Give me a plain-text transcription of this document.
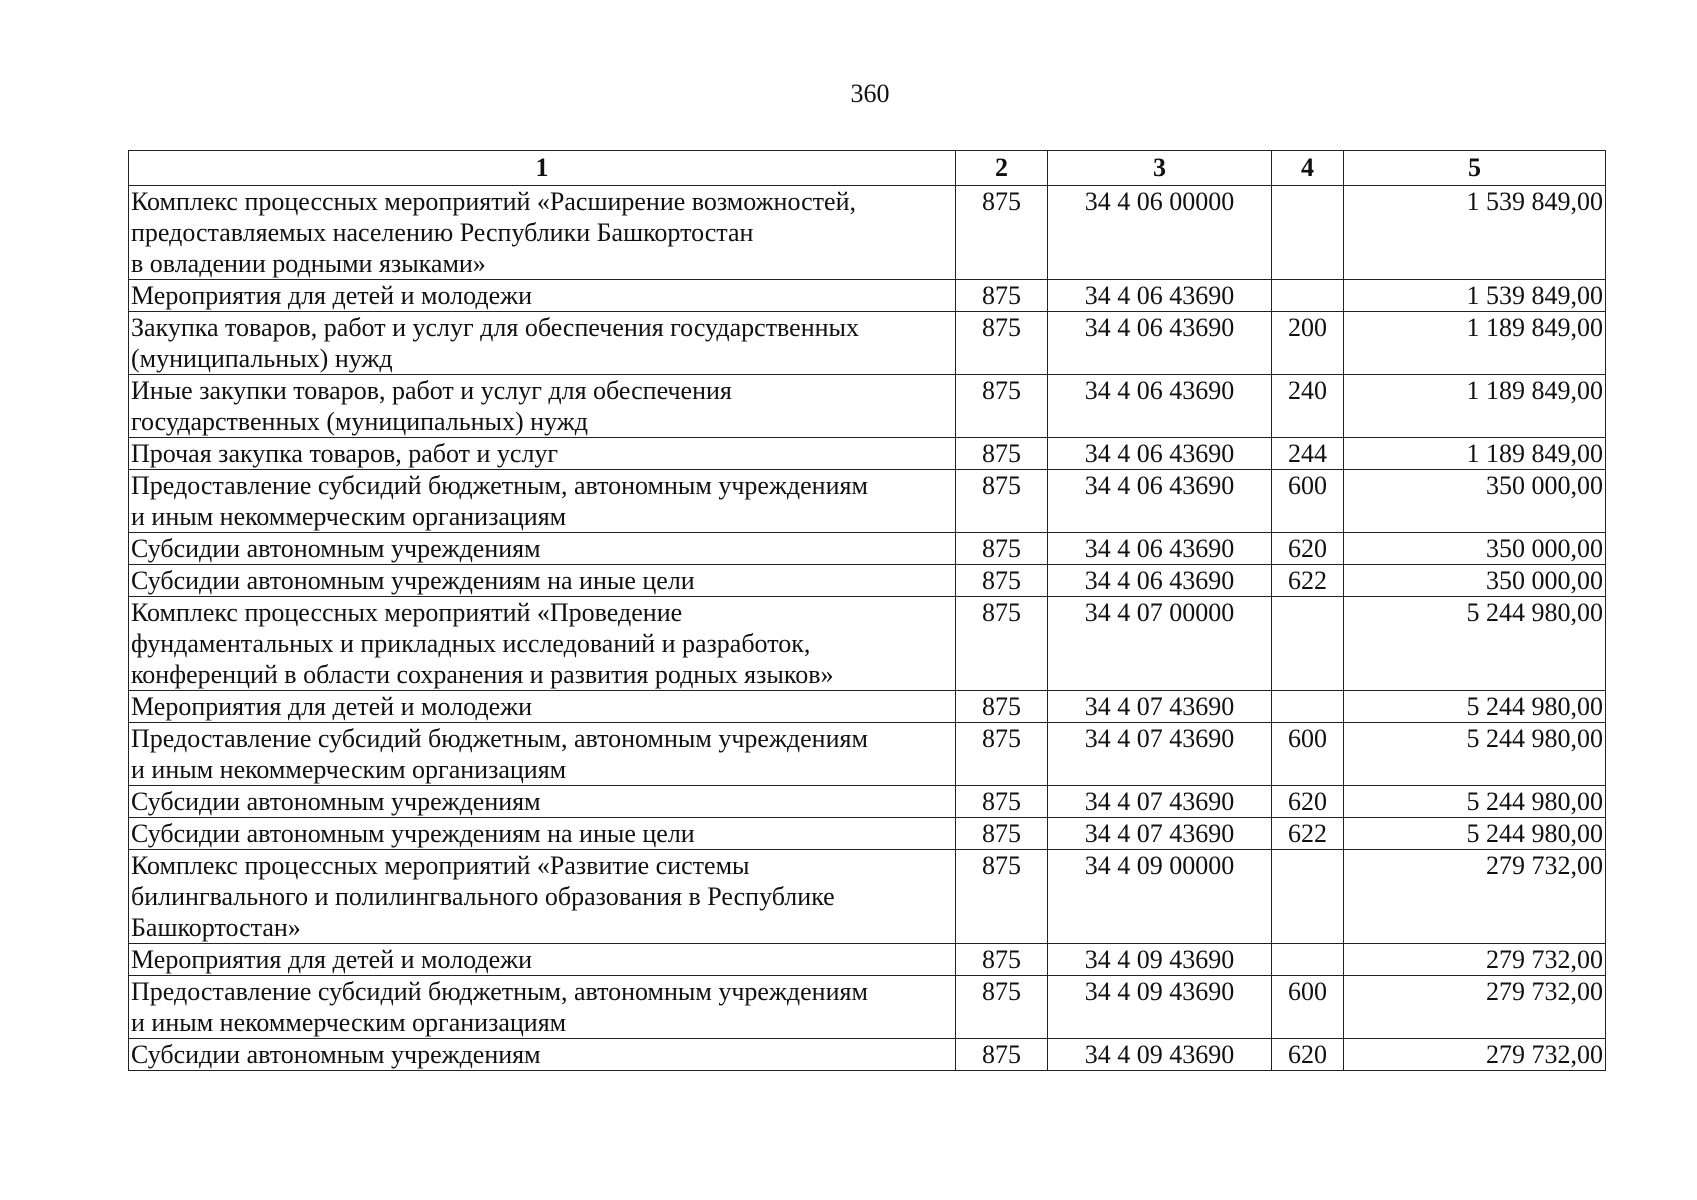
360
1	2	3	4	5
Комплекс процессных мероприятий «Расширение возможностей,
предоставляемых населению Республики Башкортостан
в овладении родными языками»	875	34 4 06 00000		1 539 849,00
Мероприятия для детей и молодежи	875	34 4 06 43690		1 539 849,00
Закупка товаров, работ и услуг для обеспечения государственных
(муниципальных) нужд	875	34 4 06 43690	200	1 189 849,00
Иные закупки товаров, работ и услуг для обеспечения
государственных (муниципальных) нужд	875	34 4 06 43690	240	1 189 849,00
Прочая закупка товаров, работ и услуг	875	34 4 06 43690	244	1 189 849,00
Предоставление субсидий бюджетным, автономным учреждениям
и иным некоммерческим организациям	875	34 4 06 43690	600	350 000,00
Субсидии автономным учреждениям	875	34 4 06 43690	620	350 000,00
Субсидии автономным учреждениям на иные цели	875	34 4 06 43690	622	350 000,00
Комплекс процессных мероприятий «Проведение
фундаментальных и прикладных исследований и разработок,
конференций в области сохранения и развития родных языков»	875	34 4 07 00000		5 244 980,00
Мероприятия для детей и молодежи	875	34 4 07 43690		5 244 980,00
Предоставление субсидий бюджетным, автономным учреждениям
и иным некоммерческим организациям	875	34 4 07 43690	600	5 244 980,00
Субсидии автономным учреждениям	875	34 4 07 43690	620	5 244 980,00
Субсидии автономным учреждениям на иные цели	875	34 4 07 43690	622	5 244 980,00
Комплекс процессных мероприятий «Развитие системы
билингвального и полилингвального образования в Республике
Башкортостан»	875	34 4 09 00000		279 732,00
Мероприятия для детей и молодежи	875	34 4 09 43690		279 732,00
Предоставление субсидий бюджетным, автономным учреждениям
и иным некоммерческим организациям	875	34 4 09 43690	600	279 732,00
Субсидии автономным учреждениям	875	34 4 09 43690	620	279 732,00
